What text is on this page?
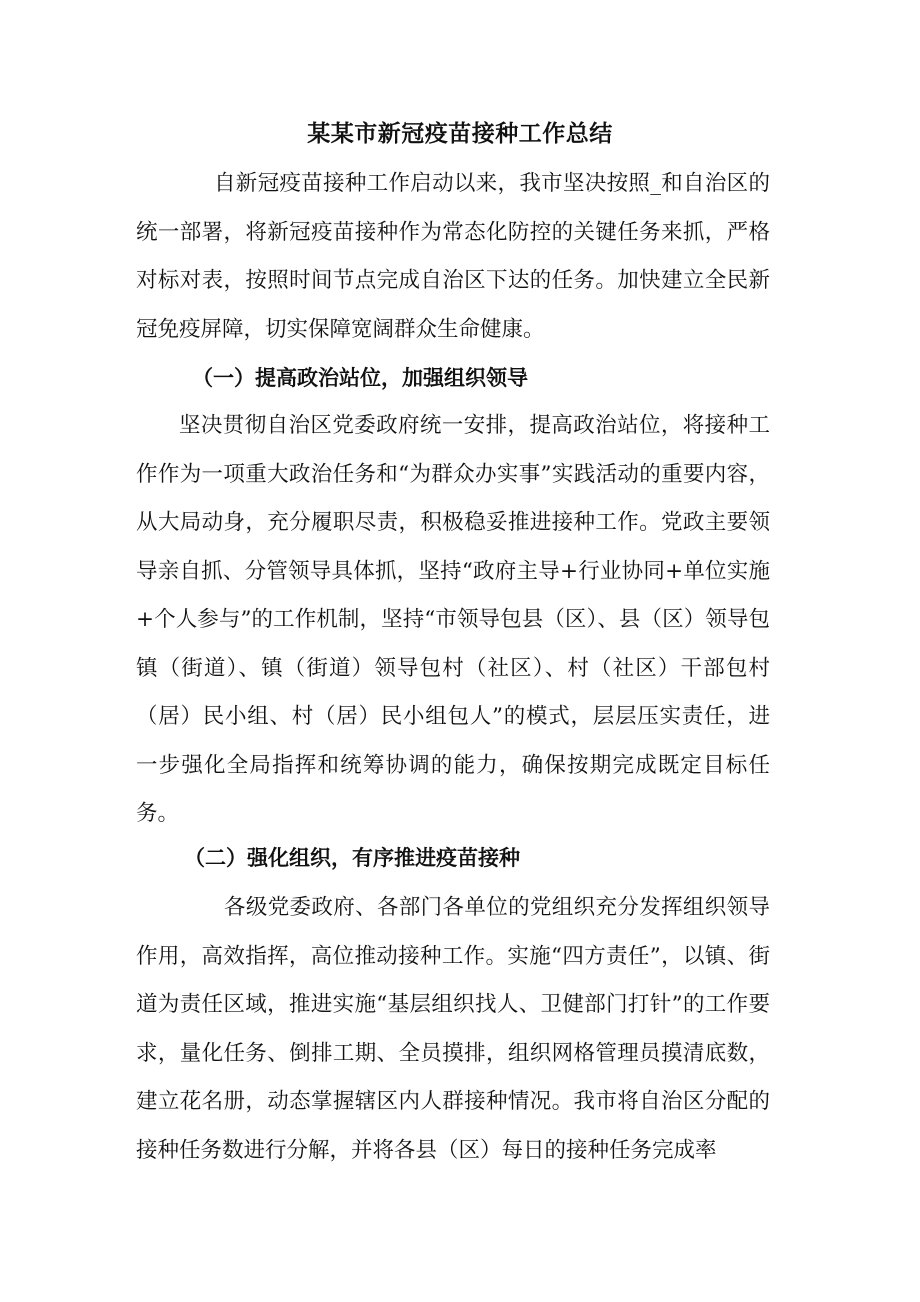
某某市新冠疫苗接种工作总结

自新冠疫苗接种工作启动以来，我市坚决按照_和自治区的统一部署，将新冠疫苗接种作为常态化防控的关键任务来抓，严格对标对表，按照时间节点完成自治区下达的任务。加快建立全民新冠免疫屏障，切实保障宽阔群众生命健康。

（一）提高政治站位，加强组织领导

坚决贯彻自治区党委政府统一安排，提高政治站位，将接种工作作为一项重大政治任务和“为群众办实事”实践活动的重要内容，从大局动身，充分履职尽责，积极稳妥推进接种工作。党政主要领导亲自抓、分管领导具体抓，坚持“政府主导+行业协同+单位实施+个人参与”的工作机制，坚持“市领导包县（区）、县（区）领导包镇（街道）、镇（街道）领导包村（社区）、村（社区）干部包村（居）民小组、村（居）民小组包人”的模式，层层压实责任，进一步强化全局指挥和统筹协调的能力，确保按期完成既定目标任务。

（二）强化组织，有序推进疫苗接种

各级党委政府、各部门各单位的党组织充分发挥组织领导作用，高效指挥，高位推动接种工作。实施“四方责任”，以镇、街道为责任区域，推进实施“基层组织找人、卫健部门打针”的工作要求，量化任务、倒排工期、全员摸排，组织网格管理员摸清底数，建立花名册，动态掌握辖区内人群接种情况。我市将自治区分配的接种任务数进行分解，并将各县（区）每日的接种任务完成率
